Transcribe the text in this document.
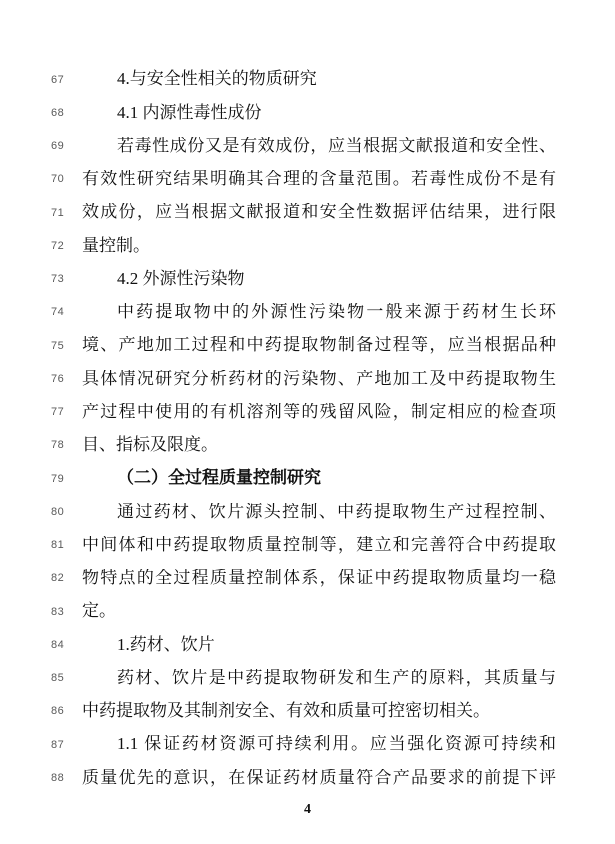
67	4.与安全性相关的物质研究
68	4.1 内源性毒性成份
69	若毒性成份又是有效成份，应当根据文献报道和安全性、
70	有效性研究结果明确其合理的含量范围。若毒性成份不是有
71	效成份，应当根据文献报道和安全性数据评估结果，进行限
72	量控制。
73	4.2 外源性污染物
74	中药提取物中的外源性污染物一般来源于药材生长环
75	境、产地加工过程和中药提取物制备过程等，应当根据品种
76	具体情况研究分析药材的污染物、产地加工及中药提取物生
77	产过程中使用的有机溶剂等的残留风险，制定相应的检查项
78	目、指标及限度。
79	（二）全过程质量控制研究
80	通过药材、饮片源头控制、中药提取物生产过程控制、
81	中间体和中药提取物质量控制等，建立和完善符合中药提取
82	物特点的全过程质量控制体系，保证中药提取物质量均一稳
83	定。
84	1.药材、饮片
85	药材、饮片是中药提取物研发和生产的原料，其质量与
86	中药提取物及其制剂安全、有效和质量可控密切相关。
87	1.1 保证药材资源可持续利用。应当强化资源可持续和
88	质量优先的意识，在保证药材质量符合产品要求的前提下评
4
